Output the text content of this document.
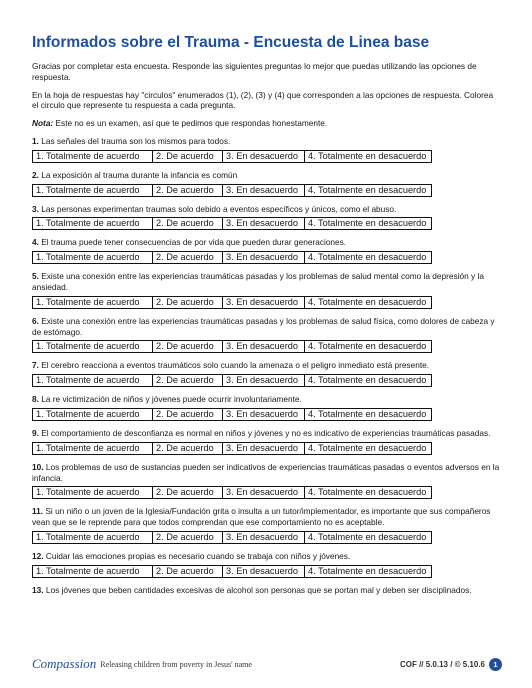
Informados sobre el Trauma - Encuesta de Linea base

Gracias por completar esta encuesta. Responde las siguientes preguntas lo mejor que puedas utilizando las opciones de respuesta.

En la hoja de respuestas hay "circulos" enumerados (1), (2), (3) y (4) que corresponden a las opciones de respuesta. Colorea el circulo que represente tu respuesta a cada pregunta.

Nota: Este no es un examen, así que te pedimos que respondas honestamente.

1. Las señales del trauma son los mismos para todos.

1. Totalmente de acuerdo	2. De acuerdo	3. En desacuerdo	4. Totalmente en desacuerdo

2. La exposición al trauma durante la infancia es común

1. Totalmente de acuerdo	2. De acuerdo	3. En desacuerdo	4. Totalmente en desacuerdo

3. Las personas experimentan traumas solo debido a eventos específicos y únicos, como el abuso.

1. Totalmente de acuerdo	2. De acuerdo	3. En desacuerdo	4. Totalmente en desacuerdo

4. El trauma puede tener consecuencias de por vida que pueden durar generaciones.

1. Totalmente de acuerdo	2. De acuerdo	3. En desacuerdo	4. Totalmente en desacuerdo

5. Existe una conexión entre las experiencias traumáticas pasadas y los problemas de salud mental como la depresión y la ansiedad.

1. Totalmente de acuerdo	2. De acuerdo	3. En desacuerdo	4. Totalmente en desacuerdo

6. Existe una conexión entre las experiencias traumáticas pasadas y los problemas de salud física, como dolores de cabeza y de estómago.

1. Totalmente de acuerdo	2. De acuerdo	3. En desacuerdo	4. Totalmente en desacuerdo

7. El cerebro reacciona a eventos traumáticos solo cuando la amenaza o el peligro inmediato está presente.

1. Totalmente de acuerdo	2. De acuerdo	3. En desacuerdo	4. Totalmente en desacuerdo

8. La re victimización de niños y jóvenes puede ocurrir involuntariamente.

1. Totalmente de acuerdo	2. De acuerdo	3. En desacuerdo	4. Totalmente en desacuerdo

9. El comportamiento de desconfianza es normal en niños y jóvenes y no es indicativo de experiencias traumáticas pasadas.

1. Totalmente de acuerdo	2. De acuerdo	3. En desacuerdo	4. Totalmente en desacuerdo

10. Los problemas de uso de sustancias pueden ser indicativos de experiencias traumáticas pasadas o eventos adversos en la infancia.

1. Totalmente de acuerdo	2. De acuerdo	3. En desacuerdo	4. Totalmente en desacuerdo

11. Si un niño o un joven de la Iglesia/Fundación grita o insulta a un tutor/implementador, es importante que sus compañeros vean que se le reprende para que todos comprendan que ese comportamiento no es aceptable.

1. Totalmente de acuerdo	2. De acuerdo	3. En desacuerdo	4. Totalmente en desacuerdo

12. Cuidar las emociones propias es necesario cuando se trabaja con niños y jóvenes.

1. Totalmente de acuerdo	2. De acuerdo	3. En desacuerdo	4. Totalmente en desacuerdo

13. Los jóvenes que beben cantidades excesivas de alcohol son personas que se portan mal y deben ser disciplinados.

Compassion Releasing children from poverty in Jesus' name	COF // 5.0.13 / © 5.10.6	1
